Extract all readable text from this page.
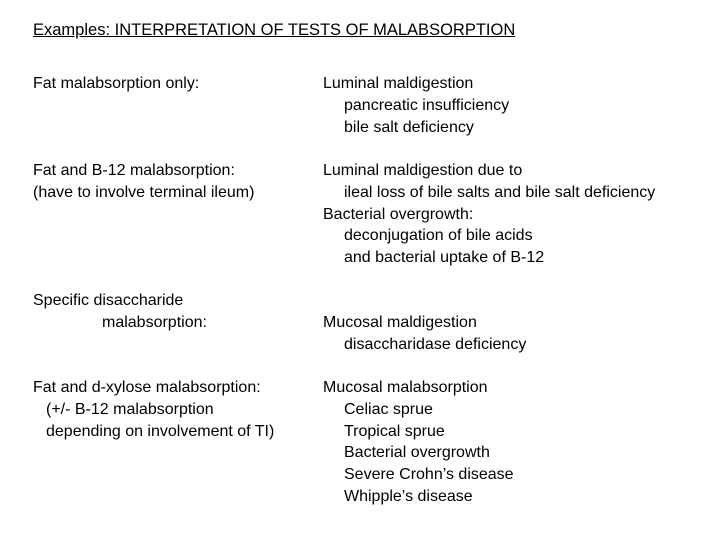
Examples: INTERPRETATION OF TESTS OF MALABSORPTION
Fat malabsorption only:	Luminal maldigestion
pancreatic insufficiency
bile salt deficiency
Fat and B-12 malabsorption:
(have to involve terminal ileum)
Luminal maldigestion due to
ileal loss of bile salts and bile salt deficiency
Bacterial overgrowth:
deconjugation of bile acids
and bacterial uptake of B-12
Specific disaccharide
malabsorption:	Mucosal maldigestion
disaccharidase deficiency
Fat and d-xylose malabsorption:
(+/- B-12 malabsorption
depending on involvement of TI)
Mucosal malabsorption
Celiac sprue
Tropical sprue
Bacterial overgrowth
Severe Crohn’s disease
Whipple’s disease
